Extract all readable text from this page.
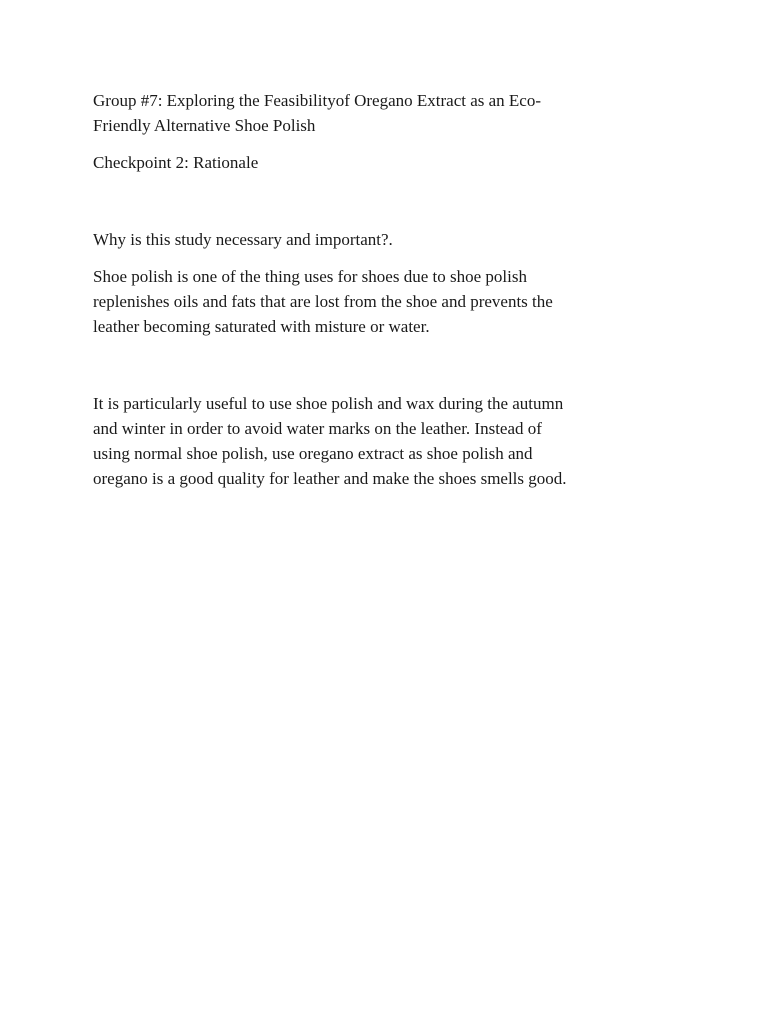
Group #7: Exploring the Feasibilityof Oregano Extract as an Eco-
Friendly Alternative Shoe Polish
Checkpoint 2: Rationale
Why is this study necessary and important?.
Shoe polish is one of the thing uses for shoes due to shoe polish
replenishes oils and fats that are lost from the shoe and prevents the
leather becoming saturated with misture or water.
It is particularly useful to use shoe polish and wax during the autumn
and winter in order to avoid water marks on the leather. Instead of
using normal shoe polish, use oregano extract as shoe polish and
oregano is a good quality for leather and make the shoes smells good.
